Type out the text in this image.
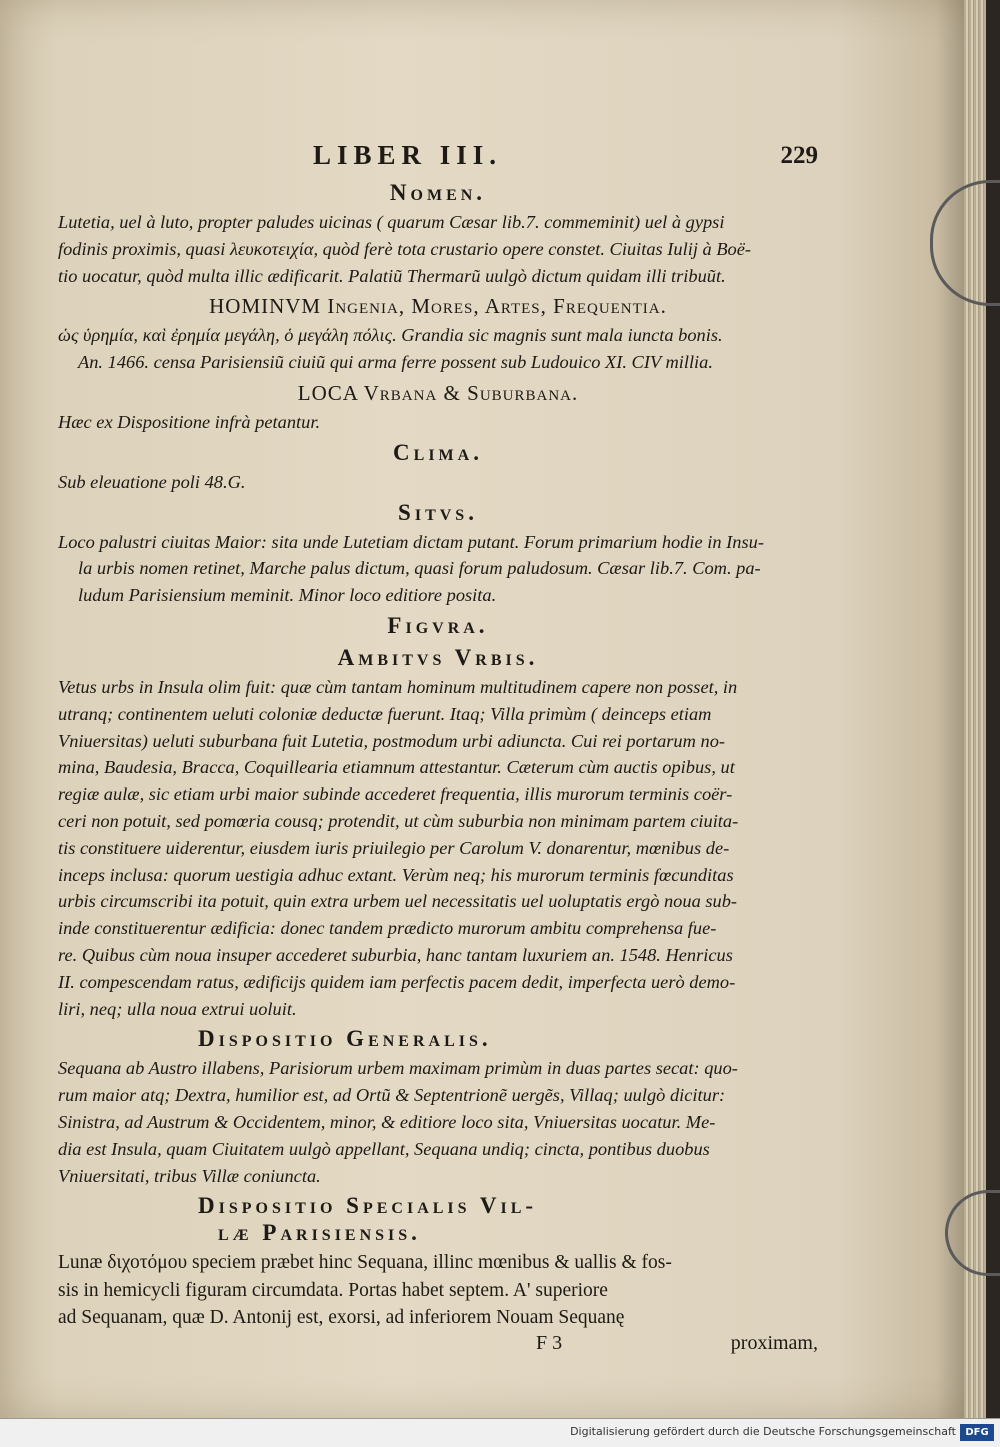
LIBER III.	229
Nomen.

Lutetia, uel à luto, propter paludes uicinas ( quarum Cæsar lib.7. commeminit) uel à gypsi
fodinis proximis, quasi λευκοτειχία, quòd ferè tota crustario opere constet. Ciuitas Iulij à Boë-
tio uocatur, quòd multa illic ædificarit. Palatiũ Thermarũ uulgò dictum quidam illi tribuũt.

HOMINVM Ingenia, Mores, Artes, Frequentia.

ὡς ὑρημία, καὶ ἐρημία μεγάλη, ὁ μεγάλη πόλις. Grandia sic magnis sunt mala iuncta bonis.
An. 1466. censa Parisiensiũ ciuiũ qui arma ferre possent sub Ludouico XI. CIV millia.

LOCA Vrbana & Suburbana.

Hæc ex Dispositione infrà petantur.

Clima.

Sub eleuatione poli 48.G.

Sitvs.

Loco palustri ciuitas Maior: sita unde Lutetiam dictam putant. Forum primarium hodie in Insu-
la urbis nomen retinet, Marche palus dictum, quasi forum paludosum. Cæsar lib.7. Com. pa-
ludum Parisiensium meminit. Minor loco editiore posita.

Figvra.
Ambitvs Vrbis.

Vetus urbs in Insula olim fuit: quæ cùm tantam hominum multitudinem capere non posset, in
utranq; continentem ueluti coloniæ deductæ fuerunt. Itaq; Villa primùm ( deinceps etiam
Vniuersitas) ueluti suburbana fuit Lutetia, postmodum urbi adiuncta. Cui rei portarum no-
mina, Baudesia, Bracca, Coquillearia etiamnum attestantur. Cæterum cùm auctis opibus, ut
regiæ aulæ, sic etiam urbi maior subinde accederet frequentia, illis murorum terminis coër-
ceri non potuit, sed pomœria cousq; protendit, ut cùm suburbia non minimam partem ciuita-
tis constituere uiderentur, eiusdem iuris priuilegio per Carolum V. donarentur, mœnibus de-
inceps inclusa: quorum uestigia adhuc extant. Verùm neq; his murorum terminis fœcunditas
urbis circumscribi ita potuit, quin extra urbem uel necessitatis uel uoluptatis ergò noua sub-
inde constituerentur ædificia: donec tandem prædicto murorum ambitu comprehensa fue-
re. Quibus cùm noua insuper accederet suburbia, hanc tantam luxuriem an. 1548. Henricus
II. compescendam ratus, ædificijs quidem iam perfectis pacem dedit, imperfecta uerò demo-
liri, neq; ulla noua extrui uoluit.

Dispositio Generalis.

Sequana ab Austro illabens, Parisiorum urbem maximam primùm in duas partes secat: quo-
rum maior atq; Dextra, humilior est, ad Ortũ & Septentrionẽ uergẽs, Villaq; uulgò dicitur:
Sinistra, ad Austrum & Occidentem, minor, & editiore loco sita, Vniuersitas uocatur. Me-
dia est Insula, quam Ciuitatem uulgò appellant, Sequana undiq; cincta, pontibus duobus
Vniuersitati, tribus Villæ coniuncta.

Dispositio Specialis Vil-
læ Parisiensis.

Lunæ διχοτόμου speciem præbet hinc Sequana, illinc mœnibus & uallis & fos-
sis in hemicycli figuram circumdata. Portas habet septem. A' superiore
ad Sequanam, quæ D. Antonij est, exorsi, ad inferiorem Nouam Sequanę

F 3	proximam,
Digitalisierung gefördert durch die Deutsche Forschungsgemeinschaft DFG
